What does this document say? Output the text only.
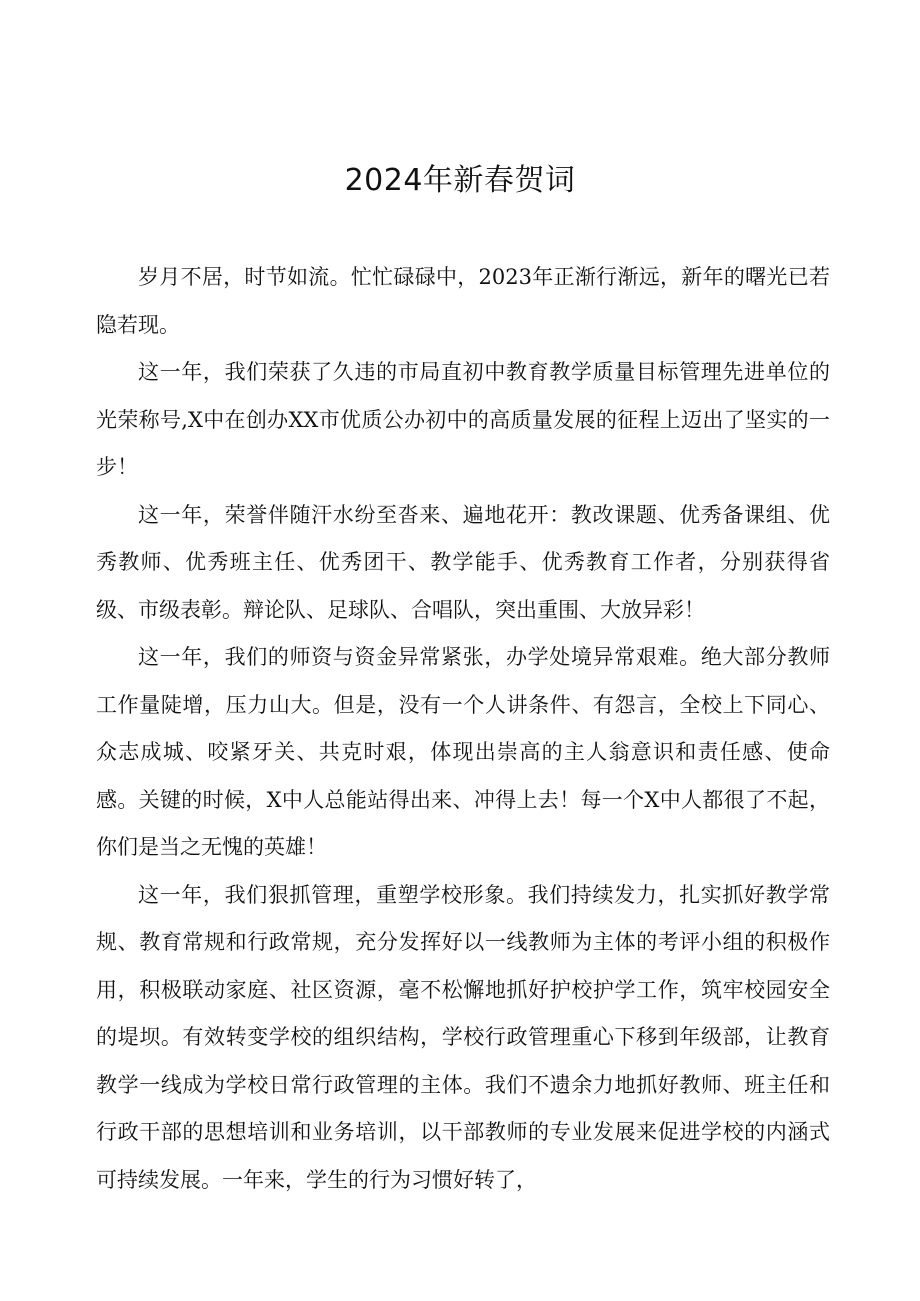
2024年新春贺词

岁月不居，时节如流。忙忙碌碌中，2023年正渐行渐远，新年的曙光已若隐若现。

这一年，我们荣获了久违的市局直初中教育教学质量目标管理先进单位的光荣称号,X中在创办XX市优质公办初中的高质量发展的征程上迈出了坚实的一步！

这一年，荣誉伴随汗水纷至沓来、遍地花开：教改课题、优秀备课组、优秀教师、优秀班主任、优秀团干、教学能手、优秀教育工作者，分别获得省级、市级表彰。辩论队、足球队、合唱队，突出重围、大放异彩！

这一年，我们的师资与资金异常紧张，办学处境异常艰难。绝大部分教师工作量陡增，压力山大。但是，没有一个人讲条件、有怨言，全校上下同心、众志成城、咬紧牙关、共克时艰，体现出崇高的主人翁意识和责任感、使命感。关键的时候，X中人总能站得出来、冲得上去！每一个X中人都很了不起，你们是当之无愧的英雄！

这一年，我们狠抓管理，重塑学校形象。我们持续发力，扎实抓好教学常规、教育常规和行政常规，充分发挥好以一线教师为主体的考评小组的积极作用，积极联动家庭、社区资源，毫不松懈地抓好护校护学工作，筑牢校园安全的堤坝。有效转变学校的组织结构，学校行政管理重心下移到年级部，让教育教学一线成为学校日常行政管理的主体。我们不遗余力地抓好教师、班主任和行政干部的思想培训和业务培训，以干部教师的专业发展来促进学校的内涵式可持续发展。一年来，学生的行为习惯好转了，
